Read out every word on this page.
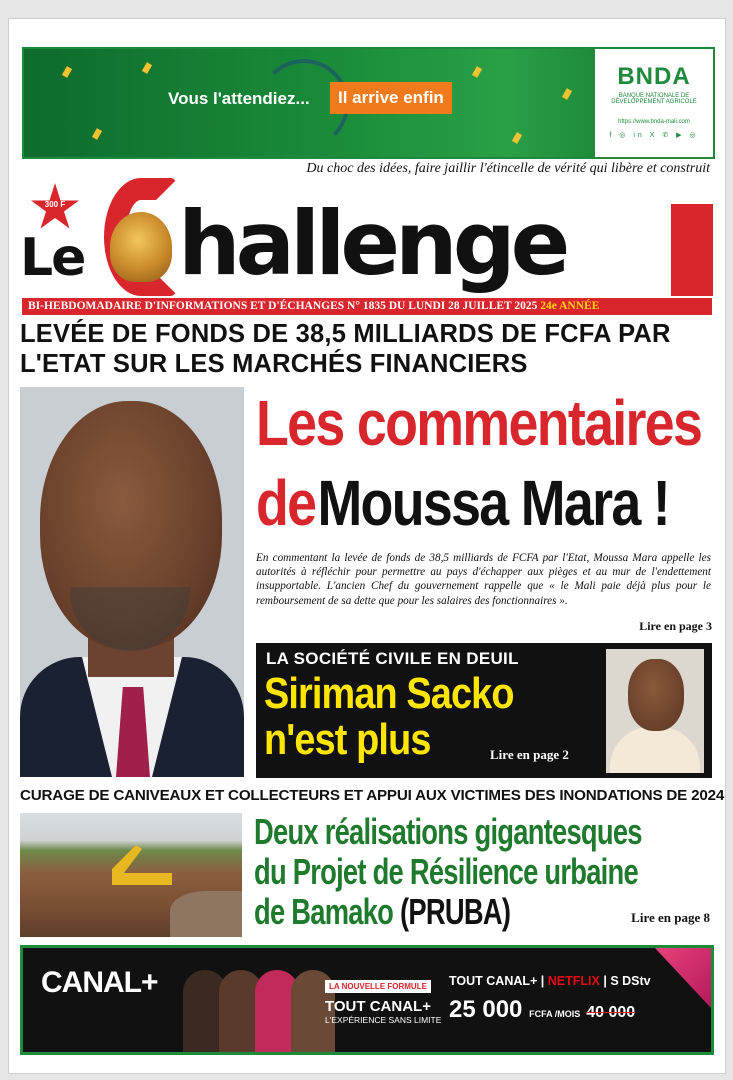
Vous l'attendiez...	Il arrive enfin
BNDA
BANQUE NATIONALE DE DÉVELOPPEMENT AGRICOLE
https://www.bnda-mali.com
f ◎ in X ✆ ▶ ◎
Du choc des idées, faire jaillir l'étincelle de vérité qui libère et construit
300 F
Le hallenge
BI-HEBDOMADAIRE D'INFORMATIONS ET D'ÉCHANGES N° 1835 DU LUNDI 28 JUILLET 2025 24e ANNÉE
LEVÉE DE FONDS DE 38,5 MILLIARDS DE FCFA PAR L'ETAT SUR LES MARCHÉS FINANCIERS
Les commentaires
de Moussa Mara !
En commentant la levée de fonds de 38,5 milliards de FCFA par l'Etat, Moussa Mara appelle les autorités à réfléchir pour permettre au pays d'échapper aux pièges et au mur de l'endettement insupportable. L'ancien Chef du gouvernement rappelle que « le Mali paie déjà plus pour le remboursement de sa dette que pour les salaires des fonctionnaires ».
Lire en page 3
LA SOCIÉTÉ CIVILE EN DEUIL
Siriman Sacko
n'est plus	Lire en page 2
CURAGE DE CANIVEAUX ET COLLECTEURS ET APPUI AUX VICTIMES DES INONDATIONS DE 2024
Deux réalisations gigantesques
du Projet de Résilience urbaine
de Bamako (PRUBA)	Lire en page 8
CANAL+	LA NOUVELLE FORMULE
TOUT CANAL+
L'EXPÉRIENCE SANS LIMITE
TOUT CANAL+ | NETFLIX | S DStv
25 000 FCFA /MOIS 40 000
